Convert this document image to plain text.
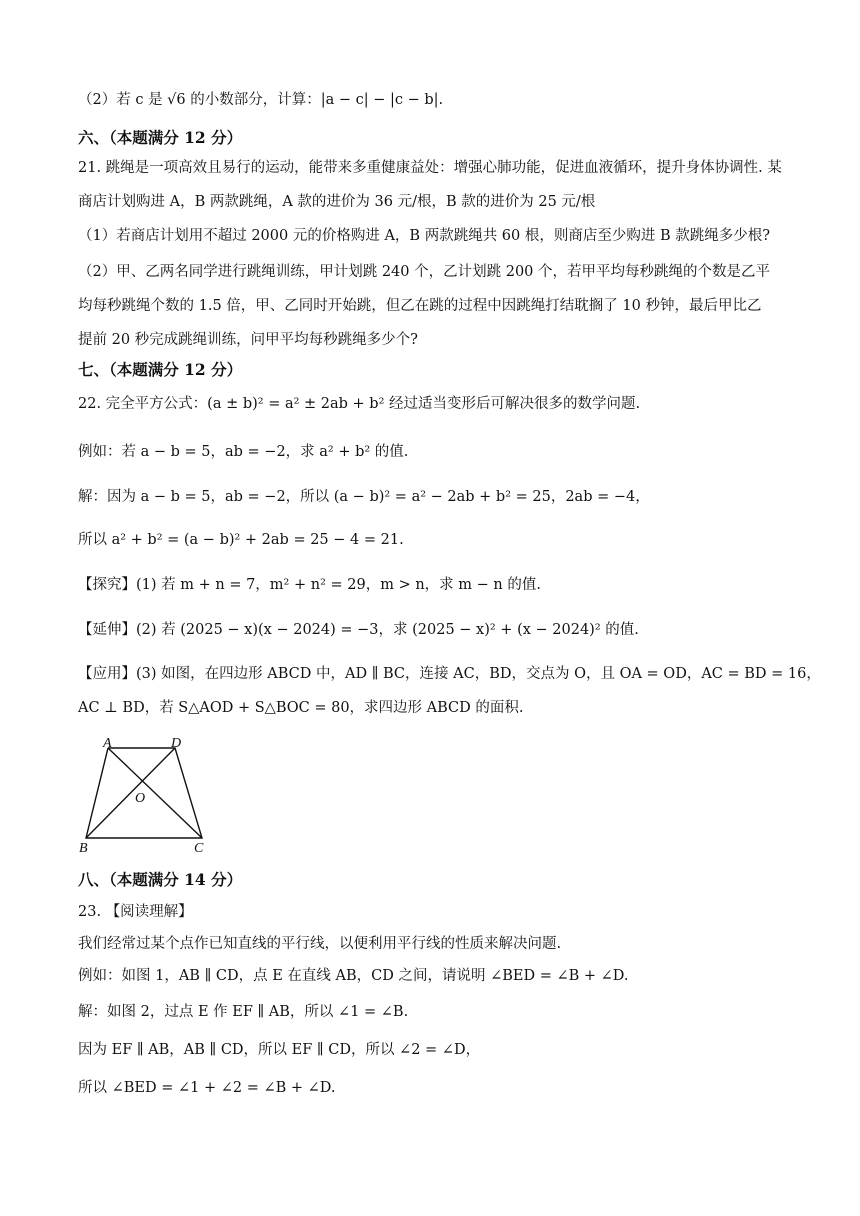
（2）若 c 是 √6 的小数部分，计算：|a − c| − |c − b|.
六、（本题满分 12 分）
21. 跳绳是一项高效且易行的运动，能带来多重健康益处：增强心肺功能，促进血液循环，提升身体协调性. 某
商店计划购进 A，B 两款跳绳，A 款的进价为 36 元/根，B 款的进价为 25 元/根
（1）若商店计划用不超过 2000 元的价格购进 A，B 两款跳绳共 60 根，则商店至少购进 B 款跳绳多少根?
（2）甲、乙两名同学进行跳绳训练，甲计划跳 240 个，乙计划跳 200 个，若甲平均每秒跳绳的个数是乙平
均每秒跳绳个数的 1.5 倍，甲、乙同时开始跳，但乙在跳的过程中因跳绳打结耽搁了 10 秒钟，最后甲比乙
提前 20 秒完成跳绳训练，问甲平均每秒跳绳多少个?
七、（本题满分 12 分）
22. 完全平方公式：(a ± b)² = a² ± 2ab + b² 经过适当变形后可解决很多的数学问题.
例如：若 a − b = 5，ab = −2，求 a² + b² 的值.
解：因为 a − b = 5，ab = −2，所以 (a − b)² = a² − 2ab + b² = 25，2ab = −4，
所以 a² + b² = (a − b)² + 2ab = 25 − 4 = 21.
【探究】(1) 若 m + n = 7，m² + n² = 29，m > n，求 m − n 的值.
【延伸】(2) 若 (2025 − x)(x − 2024) = −3，求 (2025 − x)² + (x − 2024)² 的值.
【应用】(3) 如图，在四边形 ABCD 中，AD ∥ BC，连接 AC，BD，交点为 O，且 OA = OD，AC = BD = 16，
AC ⊥ BD，若 S△AOD + S△BOC = 80，求四边形 ABCD 的面积.
A	D
O
B	C
八、（本题满分 14 分）
23. 【阅读理解】
我们经常过某个点作已知直线的平行线，以便利用平行线的性质来解决问题.
例如：如图 1，AB ∥ CD，点 E 在直线 AB，CD 之间，请说明 ∠BED = ∠B + ∠D.
解：如图 2，过点 E 作 EF ∥ AB，所以 ∠1 = ∠B.
因为 EF ∥ AB，AB ∥ CD，所以 EF ∥ CD，所以 ∠2 = ∠D，
所以 ∠BED = ∠1 + ∠2 = ∠B + ∠D.
